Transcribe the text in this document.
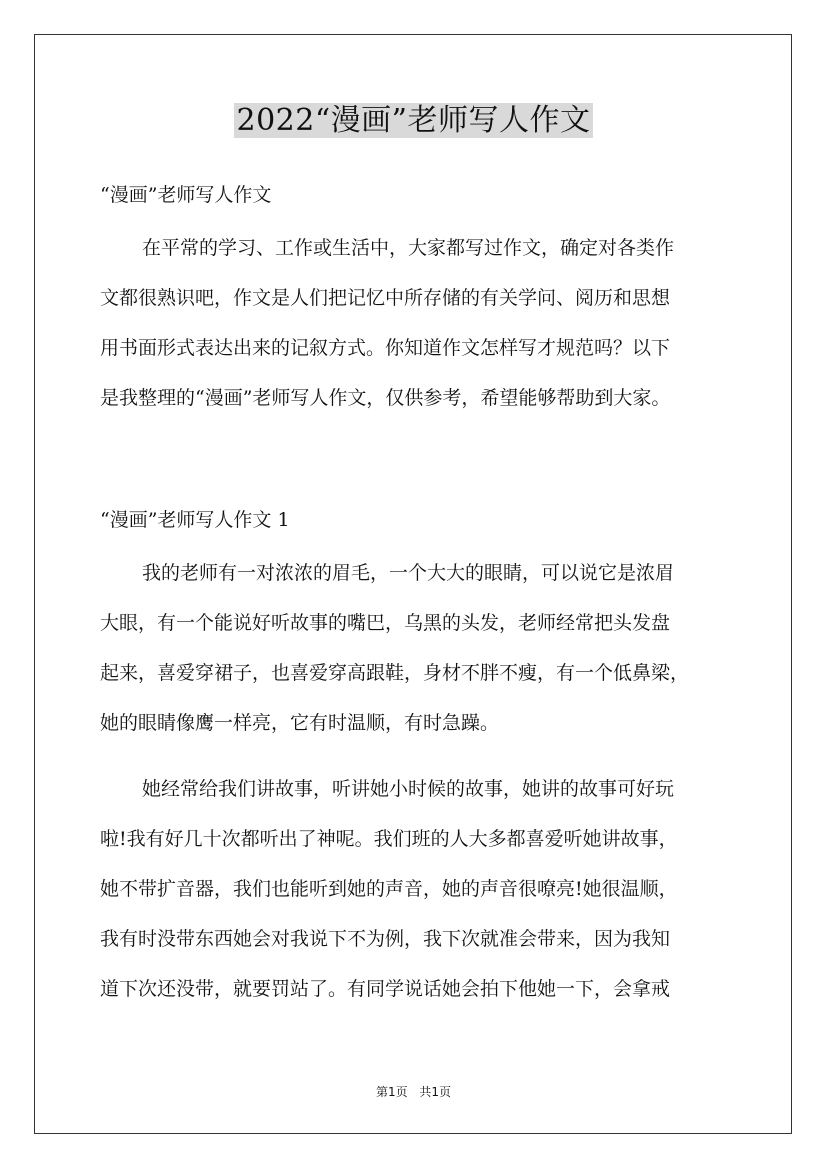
2022“漫画”老师写人作文
“漫画”老师写人作文
在平常的学习、工作或生活中，大家都写过作文，确定对各类作
文都很熟识吧，作文是人们把记忆中所存储的有关学问、阅历和思想
用书面形式表达出来的记叙方式。你知道作文怎样写才规范吗？以下
是我整理的“漫画”老师写人作文，仅供参考，希望能够帮助到大家。
“漫画”老师写人作文 1
我的老师有一对浓浓的眉毛，一个大大的眼睛，可以说它是浓眉
大眼，有一个能说好听故事的嘴巴，乌黑的头发，老师经常把头发盘
起来，喜爱穿裙子，也喜爱穿高跟鞋，身材不胖不瘦，有一个低鼻梁，
她的眼睛像鹰一样亮，它有时温顺，有时急躁。
她经常给我们讲故事，听讲她小时候的故事，她讲的故事可好玩
啦!我有好几十次都听出了神呢。我们班的人大多都喜爱听她讲故事，
她不带扩音器，我们也能听到她的声音，她的声音很嘹亮!她很温顺，
我有时没带东西她会对我说下不为例，我下次就准会带来，因为我知
道下次还没带，就要罚站了。有同学说话她会拍下他她一下，会拿戒
第1页 共1页
